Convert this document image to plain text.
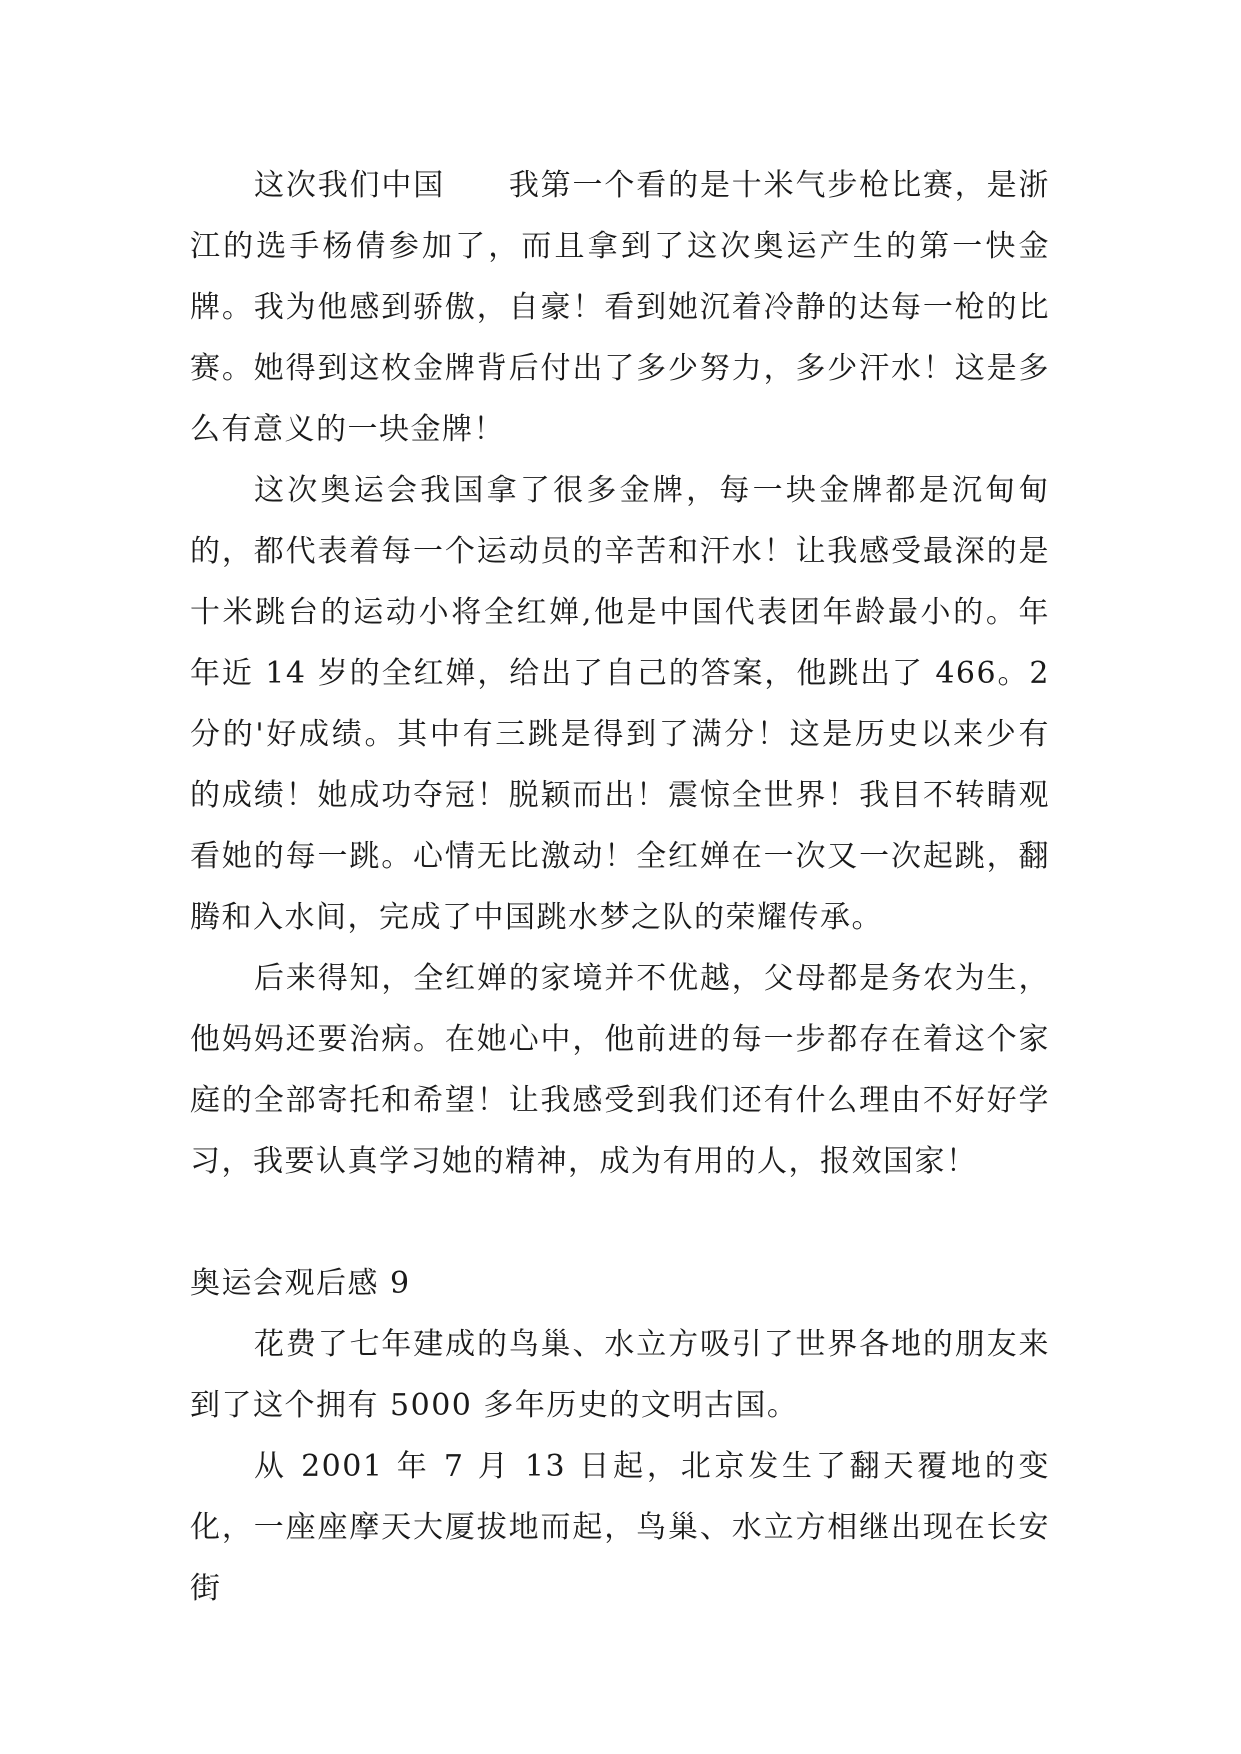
这次我们中国　　我第一个看的是十米气步枪比赛，是浙江的选手杨倩参加了，而且拿到了这次奥运产生的第一快金牌。我为他感到骄傲，自豪！看到她沉着冷静的达每一枪的比赛。她得到这枚金牌背后付出了多少努力，多少汗水！这是多么有意义的一块金牌！

这次奥运会我国拿了很多金牌，每一块金牌都是沉甸甸的，都代表着每一个运动员的辛苦和汗水！让我感受最深的是十米跳台的运动小将全红婵,他是中国代表团年龄最小的。年年近 14 岁的全红婵，给出了自己的答案，他跳出了 466。2 分的'好成绩。其中有三跳是得到了满分！这是历史以来少有的成绩！她成功夺冠！脱颖而出！震惊全世界！我目不转睛观看她的每一跳。心情无比激动！全红婵在一次又一次起跳，翻腾和入水间，完成了中国跳水梦之队的荣耀传承。

后来得知，全红婵的家境并不优越，父母都是务农为生，他妈妈还要治病。在她心中，他前进的每一步都存在着这个家庭的全部寄托和希望！让我感受到我们还有什么理由不好好学习，我要认真学习她的精神，成为有用的人，报效国家！

奥运会观后感 9

花费了七年建成的鸟巢、水立方吸引了世界各地的朋友来到了这个拥有 5000 多年历史的文明古国。

从 2001 年 7 月 13 日起，北京发生了翻天覆地的变化，一座座摩天大厦拔地而起，鸟巢、水立方相继出现在长安街
